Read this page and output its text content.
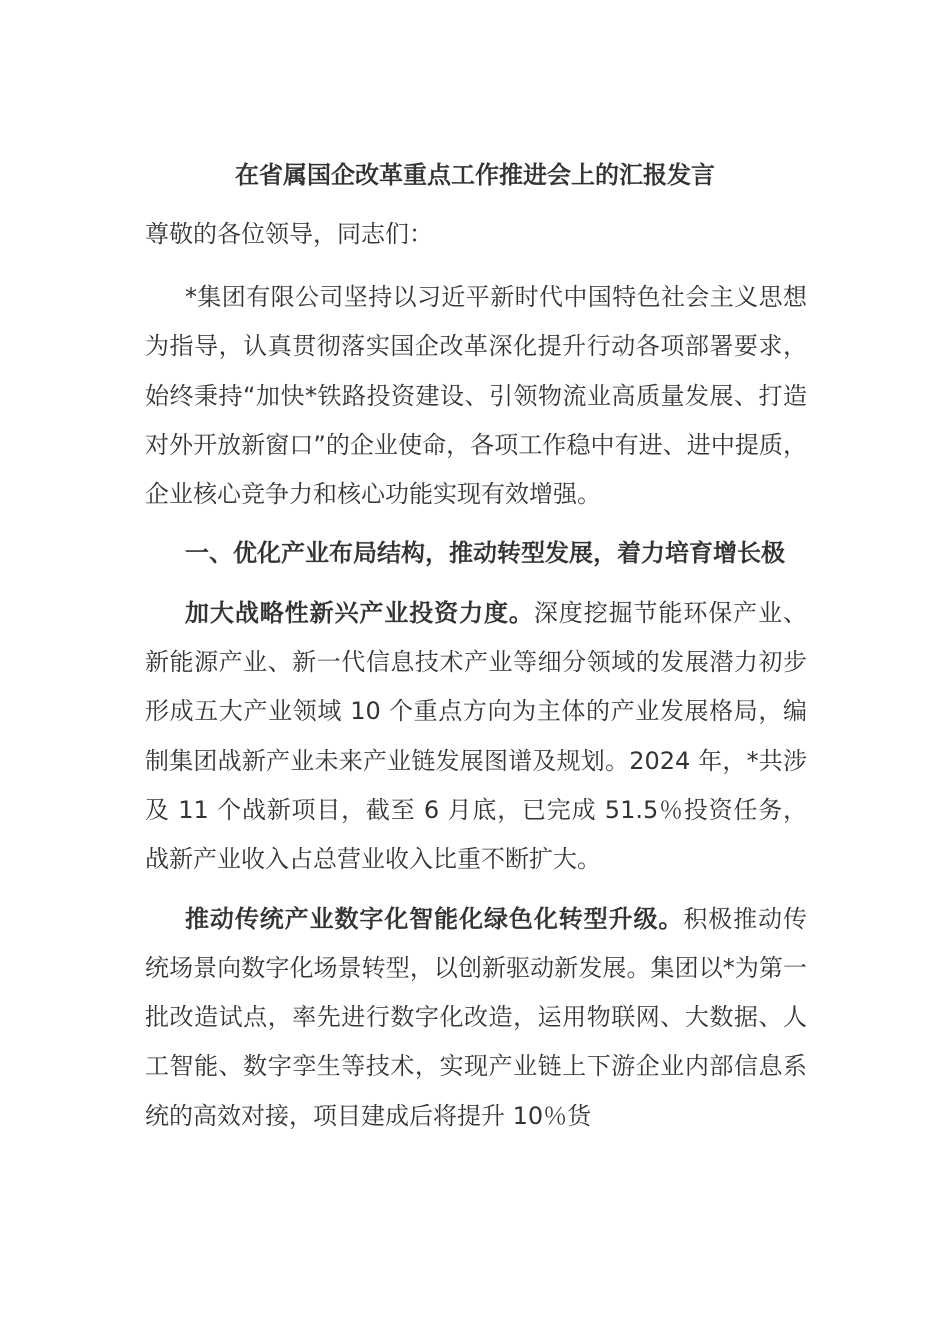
在省属国企改革重点工作推进会上的汇报发言

尊敬的各位领导，同志们：

*集团有限公司坚持以习近平新时代中国特色社会主义思想为指导，认真贯彻落实国企改革深化提升行动各项部署要求，始终秉持“加快*铁路投资建设、引领物流业高质量发展、打造对外开放新窗口”的企业使命，各项工作稳中有进、进中提质，企业核心竞争力和核心功能实现有效增强。

一、优化产业布局结构，推动转型发展，着力培育增长极

加大战略性新兴产业投资力度。深度挖掘节能环保产业、新能源产业、新一代信息技术产业等细分领域的发展潜力初步形成五大产业领域 10 个重点方向为主体的产业发展格局，编制集团战新产业未来产业链发展图谱及规划。2024 年，*共涉及 11 个战新项目，截至 6 月底，已完成 51.5％投资任务，战新产业收入占总营业收入比重不断扩大。

推动传统产业数字化智能化绿色化转型升级。积极推动传统场景向数字化场景转型，以创新驱动新发展。集团以*为第一批改造试点，率先进行数字化改造，运用物联网、大数据、人工智能、数字孪生等技术，实现产业链上下游企业内部信息系统的高效对接，项目建成后将提升 10％货
